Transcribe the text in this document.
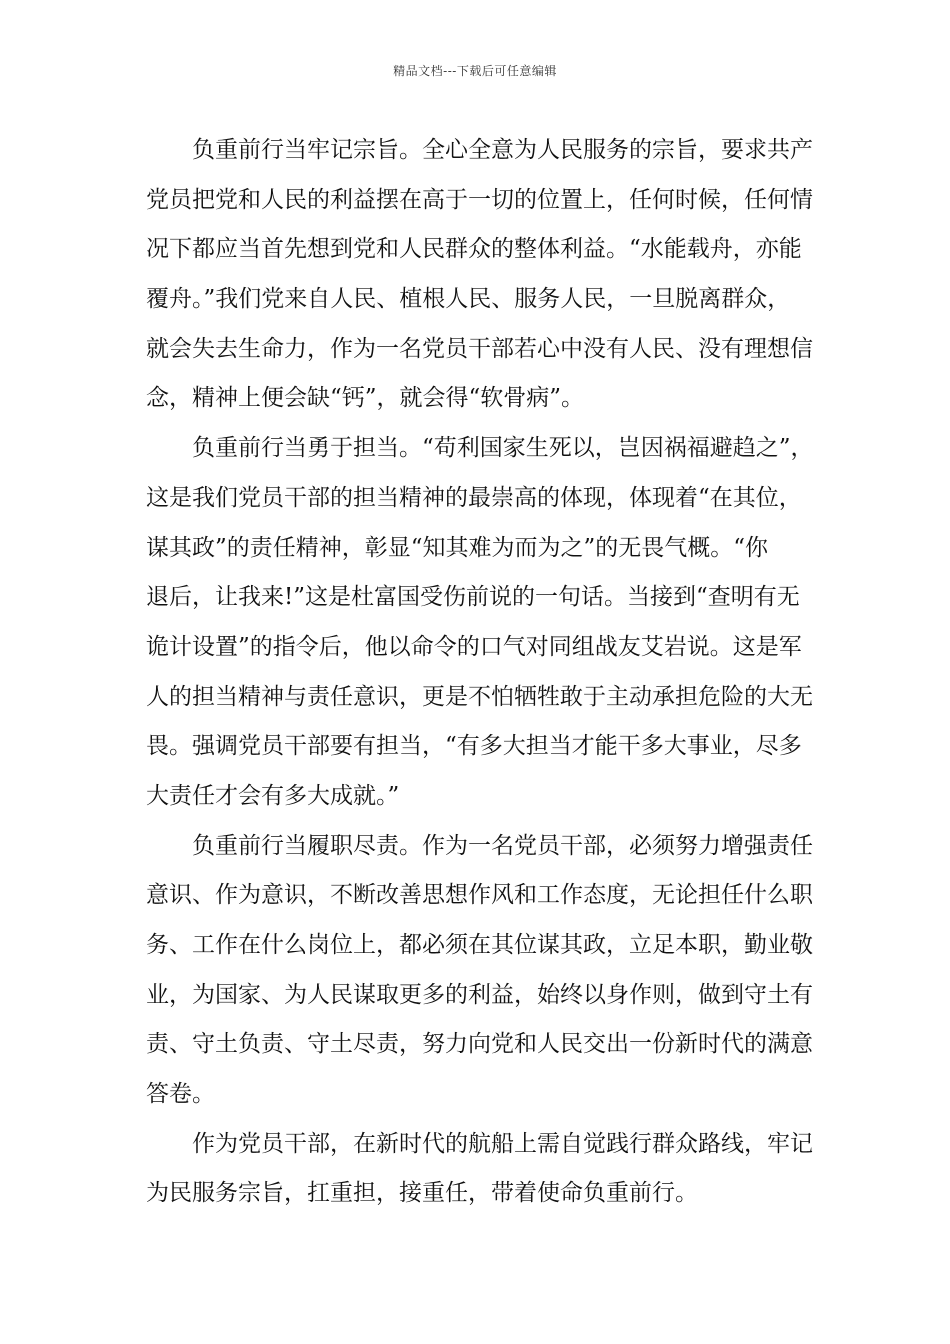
精品文档---下载后可任意编辑
负重前行当牢记宗旨。全心全意为人民服务的宗旨，要求共产
党员把党和人民的利益摆在高于一切的位置上，任何时候，任何情
况下都应当首先想到党和人民群众的整体利益。“水能载舟，亦能
覆舟。”我们党来自人民、植根人民、服务人民，一旦脱离群众，
就会失去生命力，作为一名党员干部若心中没有人民、没有理想信
念，精神上便会缺“钙”，就会得“软骨病”。
负重前行当勇于担当。“苟利国家生死以，岂因祸福避趋之”，
这是我们党员干部的担当精神的最崇高的体现，体现着“在其位，
谋其政”的责任精神，彰显“知其难为而为之”的无畏气概。“你
退后，让我来!”这是杜富国受伤前说的一句话。当接到“查明有无
诡计设置”的指令后，他以命令的口气对同组战友艾岩说。这是军
人的担当精神与责任意识，更是不怕牺牲敢于主动承担危险的大无
畏。强调党员干部要有担当，“有多大担当才能干多大事业，尽多
大责任才会有多大成就。”
负重前行当履职尽责。作为一名党员干部，必须努力增强责任
意识、作为意识，不断改善思想作风和工作态度，无论担任什么职
务、工作在什么岗位上，都必须在其位谋其政，立足本职，勤业敬
业，为国家、为人民谋取更多的利益，始终以身作则，做到守土有
责、守土负责、守土尽责，努力向党和人民交出一份新时代的满意
答卷。
作为党员干部，在新时代的航船上需自觉践行群众路线，牢记
为民服务宗旨，扛重担，接重任，带着使命负重前行。
